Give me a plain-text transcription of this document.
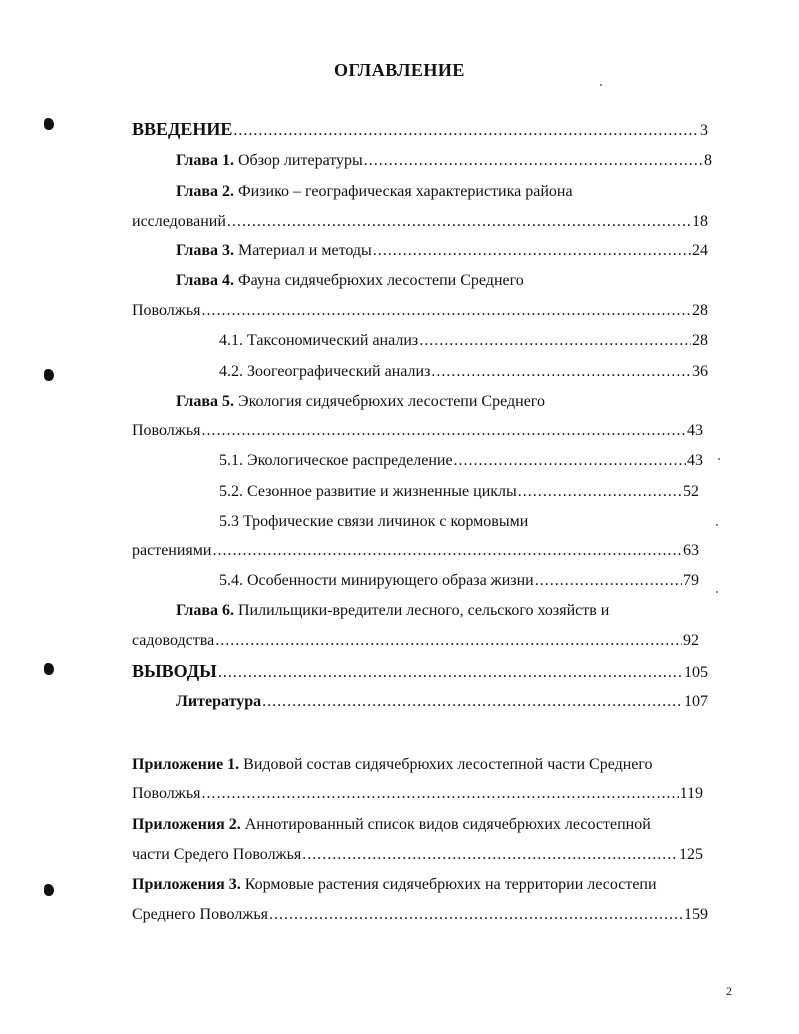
ОГЛАВЛЕНИЕ
ВВЕДЕНИЕ .....	3
Глава 1. Обзор литературы .....	8
Глава 2. Физико – географическая характеристика района
исследований .....	18
Глава 3. Материал и методы .....	24
Глава 4. Фауна сидячебрюхих лесостепи Среднего
Поволжья .....	28
4.1. Таксономический анализ .....	28
4.2. Зоогеографический анализ .....	36
Глава 5. Экология сидячебрюхих лесостепи Среднего
Поволжья .....	43
5.1. Экологическое распределение .....	43
5.2. Сезонное развитие и жизненные циклы .....	52
5.3 Трофические связи личинок с кормовыми
растениями .....	63
5.4. Особенности минирующего образа жизни .....	79
Глава 6. Пилильщики-вредители лесного, сельского хозяйств и
садоводства .....	92
ВЫВОДЫ .....	105
Литература .....	107
Приложение 1. Видовой состав сидячебрюхих лесостепной части Среднего
Поволжья .....	119
Приложения 2. Аннотированный список видов сидячебрюхих лесостепной
части Средего Поволжья .....	125
Приложения 3. Кормовые растения сидячебрюхих на территории лесостепи
Среднего Поволжья .....	159
2
